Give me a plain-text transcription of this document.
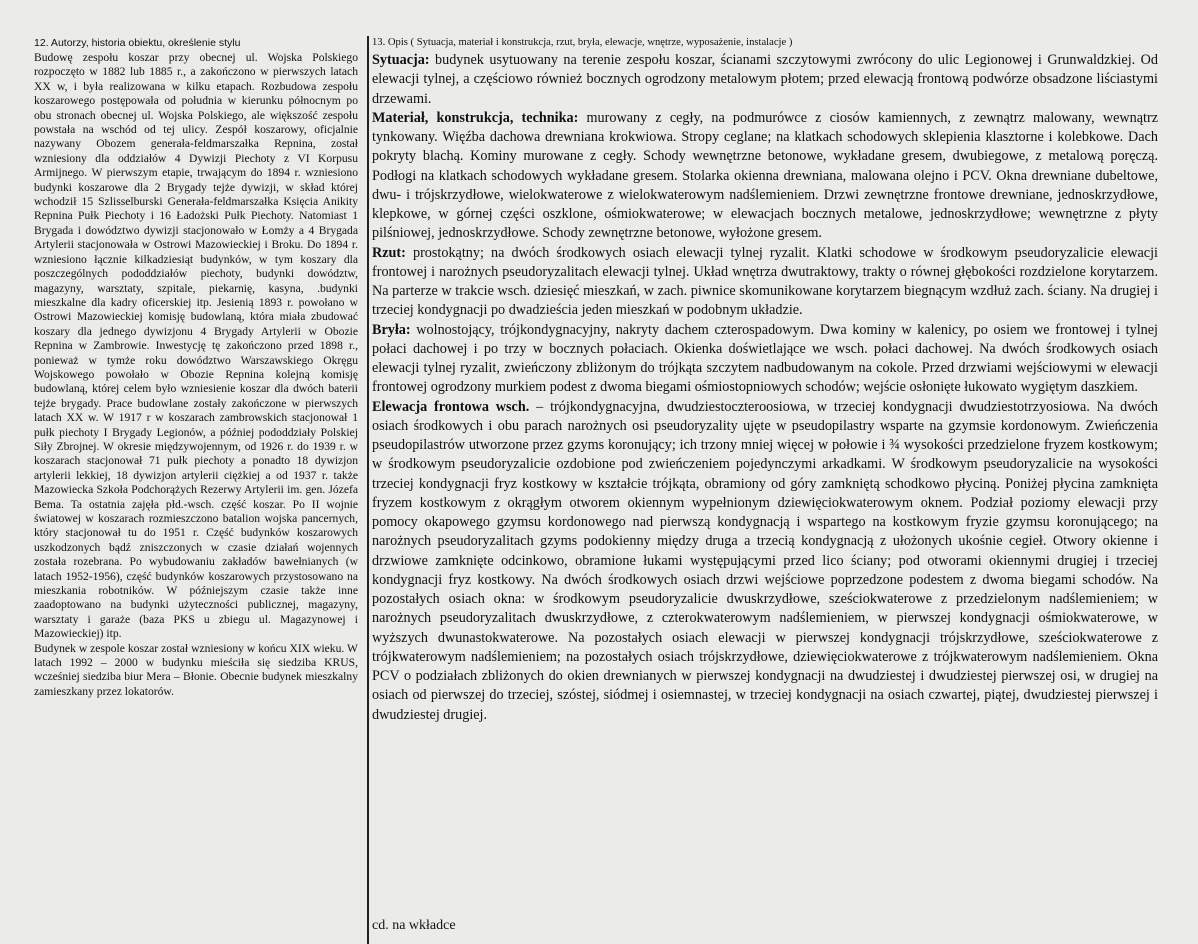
12. Autorzy, historia obiektu, określenie stylu

Budowę zespołu koszar przy obecnej ul. Wojska Polskiego rozpoczęto w 1882 lub 1885 r., a zakończono w pierwszych latach XX w, i była realizowana w kilku etapach. Rozbudowa zespołu koszarowego postępowała od południa w kierunku północnym po obu stronach obecnej ul. Wojska Polskiego, ale większość zespołu powstała na wschód od tej ulicy. Zespół koszarowy, oficjalnie nazywany Obozem generała-feldmarszałka Repnina, został wzniesiony dla oddziałów 4 Dywizji Piechoty z VI Korpusu Armijnego. W pierwszym etapie, trwającym do 1894 r. wzniesiono budynki koszarowe dla 2 Brygady tejże dywizji, w skład której wchodził 15 Szlisselburski Generała-feldmarszałka Księcia Anikity Repnina Pułk Piechoty i 16 Ładożski Pułk Piechoty. Natomiast 1 Brygada i dowództwo dywizji stacjonowało w Łomży a 4 Brygada Artylerii stacjonowała w Ostrowi Mazowieckiej i Broku. Do 1894 r. wzniesiono łącznie kilkadziesiąt budynków, w tym koszary dla poszczególnych pododdziałów piechoty, budynki dowództw, magazyny, warsztaty, szpitale, piekarnię, kasyna, .budynki mieszkalne dla kadry oficerskiej itp. Jesienią 1893 r. powołano w Ostrowi Mazowieckiej komisję budowlaną, która miała zbudować koszary dla jednego dywizjonu 4 Brygady Artylerii w Obozie Repnina w Zambrowie. Inwestycję tę zakończono przed 1898 r., ponieważ w tymże roku dowództwo Warszawskiego Okręgu Wojskowego powołało w Obozie Repnina kolejną komisję budowlaną, której celem było wzniesienie koszar dla dwóch baterii tejże brygady. Prace budowlane zostały zakończone w pierwszych latach XX w. W 1917 r w koszarach zambrowskich stacjonował 1 pułk piechoty I Brygady Legionów, a później pododdziały Polskiej Siły Zbrojnej. W okresie międzywojennym, od 1926 r. do 1939 r. w koszarach stacjonował 71 pułk piechoty a ponadto 18 dywizjon artylerii lekkiej, 18 dywizjon artylerii ciężkiej a od 1937 r. także Mazowiecka Szkoła Podchorążych Rezerwy Artylerii im. gen. Józefa Bema. Ta ostatnia zajęła płd.-wsch. część koszar. Po II wojnie światowej w koszarach rozmieszczono batalion wojska pancernych, który stacjonował tu do 1951 r. Część budynków koszarowych uszkodzonych bądź zniszczonych w czasie działań wojennych została rozebrana. Po wybudowaniu zakładów bawełnianych (w latach 1952-1956), część budynków koszarowych przystosowano na mieszkania robotników. W późniejszym czasie także inne zaadoptowano na budynki użyteczności publicznej, magazyny, warsztaty i garaże (baza PKS u zbiegu ul. Magazynowej i Mazowieckiej) itp.

Budynek w zespole koszar został wzniesiony w końcu XIX wieku. W latach 1992 – 2000 w budynku mieściła się siedziba KRUS, wcześniej siedziba biur Mera – Błonie. Obecnie budynek mieszkalny zamieszkany przez lokatorów.

13. Opis ( Sytuacja, materiał i konstrukcja, rzut, bryła, elewacje, wnętrze, wyposażenie, instalacje )

Sytuacja: budynek usytuowany na terenie zespołu koszar, ścianami szczytowymi zwrócony do ulic Legionowej i Grunwaldzkiej. Od elewacji tylnej, a częściowo również bocznych ogrodzony metalowym płotem; przed elewacją frontową podwórze obsadzone liściastymi drzewami.

Materiał, konstrukcja, technika: murowany z cegły, na podmurówce z ciosów kamiennych, z zewnątrz malowany, wewnątrz tynkowany. Więźba dachowa drewniana krokwiowa. Stropy ceglane; na klatkach schodowych sklepienia klasztorne i kolebkowe. Dach pokryty blachą. Kominy murowane z cegły. Schody wewnętrzne betonowe, wykładane gresem, dwubiegowe, z metalową poręczą. Podłogi na klatkach schodowych wykładane gresem. Stolarka okienna drewniana, malowana olejno i PCV. Okna drewniane dubeltowe, dwu- i trójskrzydłowe, wielokwaterowe z wielokwaterowym nadślemieniem. Drzwi zewnętrzne frontowe drewniane, jednoskrzydłowe, klepkowe, w górnej części oszklone, ośmiokwaterowe; w elewacjach bocznych metalowe, jednoskrzydłowe; wewnętrzne z płyty pilśniowej, jednoskrzydłowe. Schody zewnętrzne betonowe, wyłożone gresem.

Rzut: prostokątny; na dwóch środkowych osiach elewacji tylnej ryzalit. Klatki schodowe w środkowym pseudoryzalicie elewacji frontowej i narożnych pseudoryzalitach elewacji tylnej. Układ wnętrza dwutraktowy, trakty o równej głębokości rozdzielone korytarzem. Na parterze w trakcie wsch. dziesięć mieszkań, w zach. piwnice skomunikowane korytarzem biegnącym wzdłuż zach. ściany. Na drugiej i trzeciej kondygnacji po dwadzieścia jeden mieszkań w podobnym układzie.

Bryła: wolnostojący, trójkondygnacyjny, nakryty dachem czterospadowym. Dwa kominy w kalenicy, po osiem we frontowej i tylnej połaci dachowej i po trzy w bocznych połaciach. Okienka doświetlające we wsch. połaci dachowej. Na dwóch środkowych osiach elewacji tylnej ryzalit, zwieńczony zbliżonym do trójkąta szczytem nadbudowanym na cokole. Przed drzwiami wejściowymi w elewacji frontowej ogrodzony murkiem podest z dwoma biegami ośmiostopniowych schodów; wejście osłonięte łukowato wygiętym daszkiem.

Elewacja frontowa wsch. – trójkondygnacyjna, dwudziestoczteroosiowa, w trzeciej kondygnacji dwudziestotrzyosiowa. Na dwóch osiach środkowych i obu parach narożnych osi pseudoryzality ujęte w pseudopilastry wsparte na gzymsie kordonowym. Zwieńczenia pseudopilastrów utworzone przez gzyms koronujący; ich trzony mniej więcej w połowie i ¾ wysokości przedzielone fryzem kostkowym; w środkowym pseudoryzalicie ozdobione pod zwieńczeniem pojedynczymi arkadkami. W środkowym pseudoryzalicie na wysokości trzeciej kondygnacji fryz kostkowy w kształcie trójkąta, obramiony od góry zamkniętą schodkowo płyciną. Poniżej płycina zamknięta fryzem kostkowym z okrągłym otworem okiennym wypełnionym dziewięciokwaterowym oknem. Podział poziomy elewacji przy pomocy okapowego gzymsu kordonowego nad pierwszą kondygnacją i wspartego na kostkowym fryzie gzymsu koronującego; na narożnych pseudoryzalitach gzyms podokienny między druga a trzecią kondygnacją z ułożonych ukośnie cegieł. Otwory okienne i drzwiowe zamknięte odcinkowo, obramione łukami występującymi przed lico ściany; pod otworami okiennymi drugiej i trzeciej kondygnacji fryz kostkowy. Na dwóch środkowych osiach drzwi wejściowe poprzedzone podestem z dwoma biegami schodów. Na pozostałych osiach okna: w środkowym pseudoryzalicie dwuskrzydłowe, sześciokwaterowe z przedzielonym nadślemieniem; w narożnych pseudoryzalitach dwuskrzydłowe, z czterokwaterowym nadślemieniem, w pierwszej kondygnacji ośmiokwaterowe, w wyższych dwunastokwaterowe. Na pozostałych osiach elewacji w pierwszej kondygnacji trójskrzydłowe, sześciokwaterowe z trójkwaterowym nadślemieniem; na pozostałych osiach trójskrzydłowe, dziewięciokwaterowe z trójkwaterowym nadślemieniem. Okna PCV o podziałach zbliżonych do okien drewnianych w pierwszej kondygnacji na dwudziestej i dwudziestej pierwszej osi, w drugiej na osiach od pierwszej do trzeciej, szóstej, siódmej i osiemnastej, w trzeciej kondygnacji na osiach czwartej, piątej, dwudziestej pierwszej i dwudziestej drugiej.

cd. na wkładce
